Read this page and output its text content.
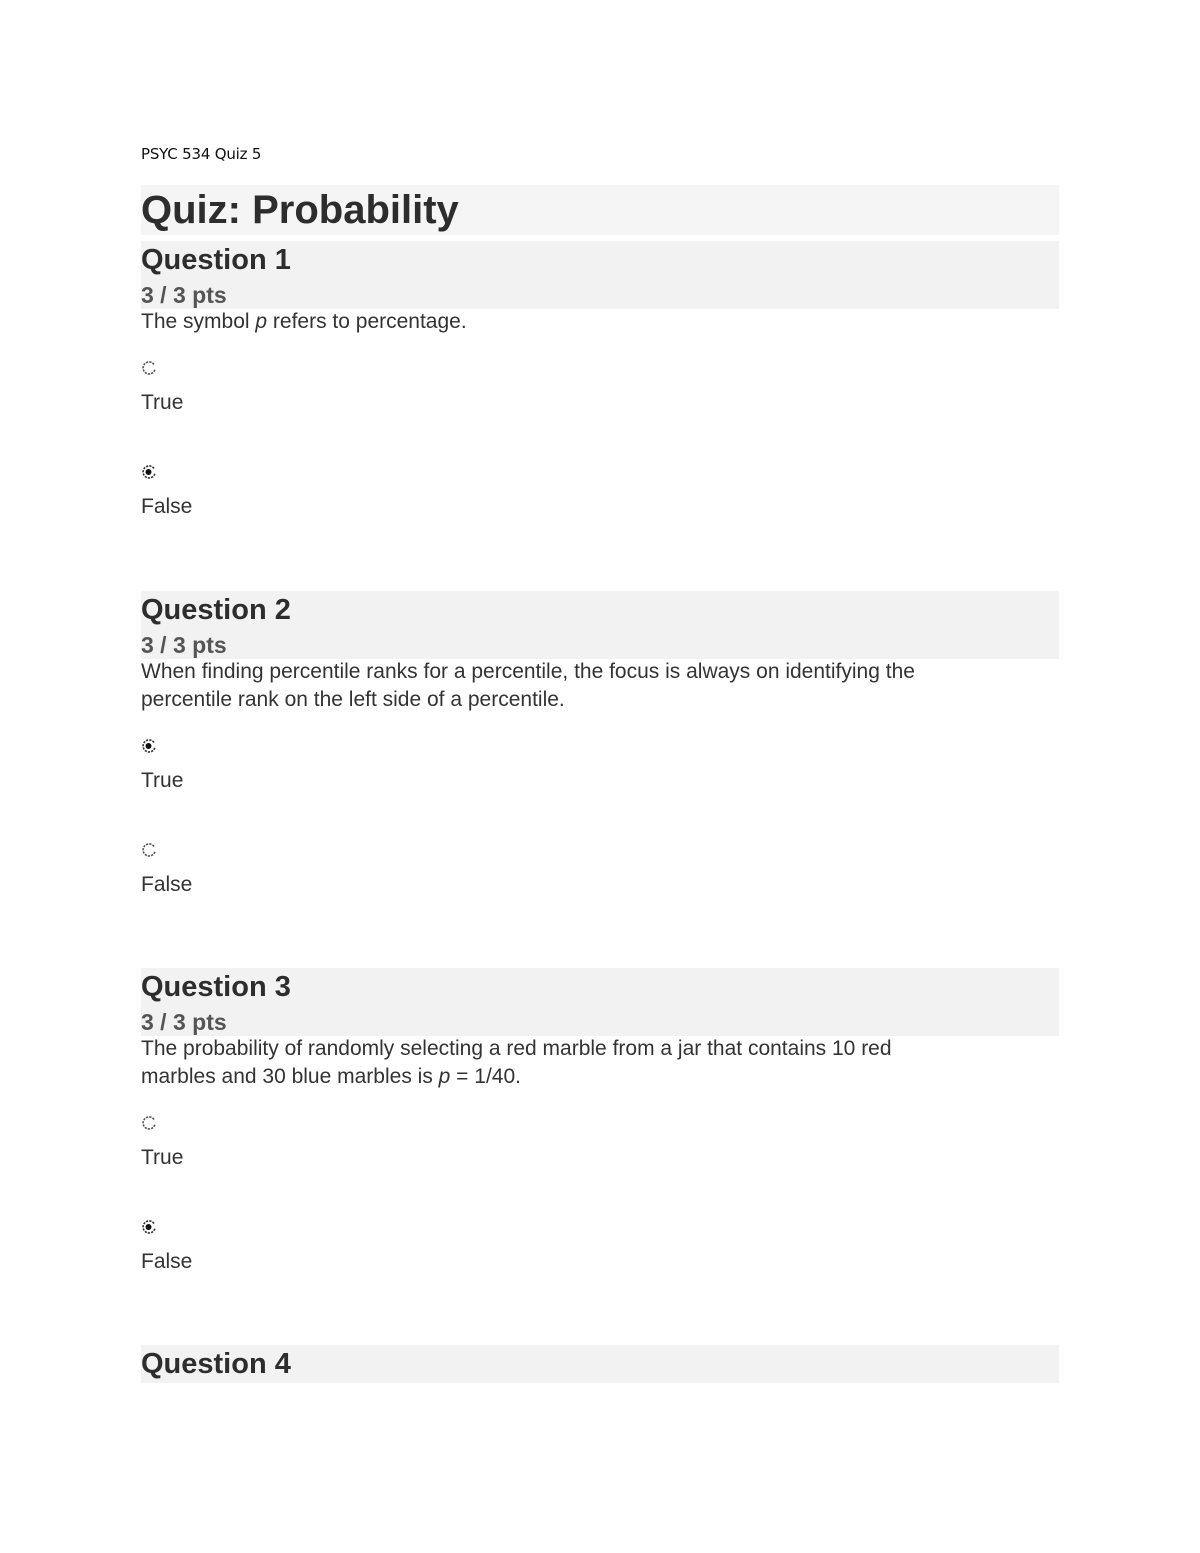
PSYC 534 Quiz 5
Quiz: Probability
Question 1
3 / 3 pts
The symbol p refers to percentage.
True
False
Question 2
3 / 3 pts
When finding percentile ranks for a percentile, the focus is always on identifying the
percentile rank on the left side of a percentile.
True
False
Question 3
3 / 3 pts
The probability of randomly selecting a red marble from a jar that contains 10 red
marbles and 30 blue marbles is p = 1/40.
True
False
Question 4
